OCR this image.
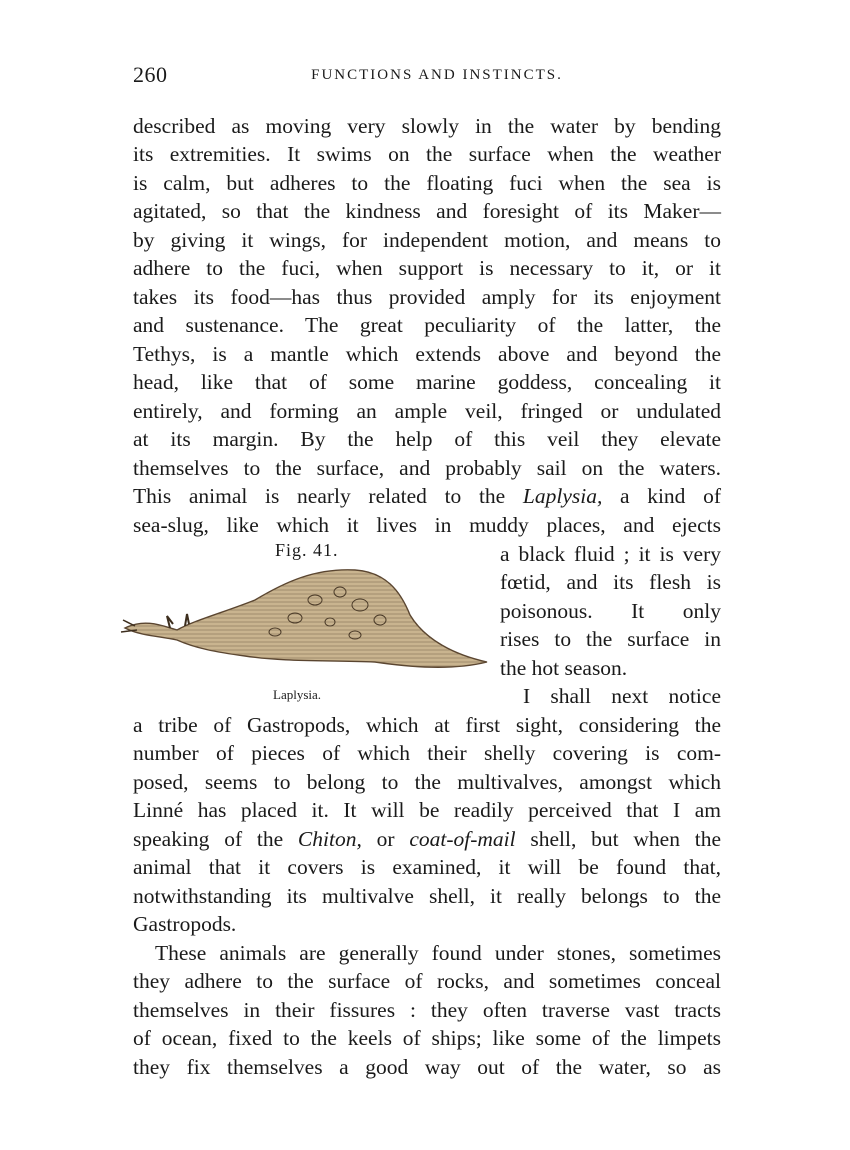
260	FUNCTIONS AND INSTINCTS.
described as moving very slowly in the water by bending
its extremities. It swims on the surface when the weather
is calm, but adheres to the floating fuci when the sea is
agitated, so that the kindness and foresight of its Maker—
by giving it wings, for independent motion, and means to
adhere to the fuci, when support is necessary to it, or it
takes its food—has thus provided amply for its enjoyment
and sustenance. The great peculiarity of the latter, the
Tethys, is a mantle which extends above and beyond the
head, like that of some marine goddess, concealing it
entirely, and forming an ample veil, fringed or undulated
at its margin. By the help of this veil they elevate
themselves to the surface, and probably sail on the waters.
This animal is nearly related to the Laplysia, a kind of
sea-slug, like which it lives in muddy places, and ejects
Fig. 41.
Laplysia.
a black fluid ; it is very
fœtid, and its flesh is
poisonous. It only
rises to the surface in
the hot season.
I shall next notice
a tribe of Gastropods, which at first sight, considering the
number of pieces of which their shelly covering is com-
posed, seems to belong to the multivalves, amongst which
Linné has placed it. It will be readily perceived that I am
speaking of the Chiton, or coat-of-mail shell, but when the
animal that it covers is examined, it will be found that,
notwithstanding its multivalve shell, it really belongs to the
Gastropods.
These animals are generally found under stones, sometimes
they adhere to the surface of rocks, and sometimes conceal
themselves in their fissures : they often traverse vast tracts
of ocean, fixed to the keels of ships; like some of the limpets
they fix themselves a good way out of the water, so as
